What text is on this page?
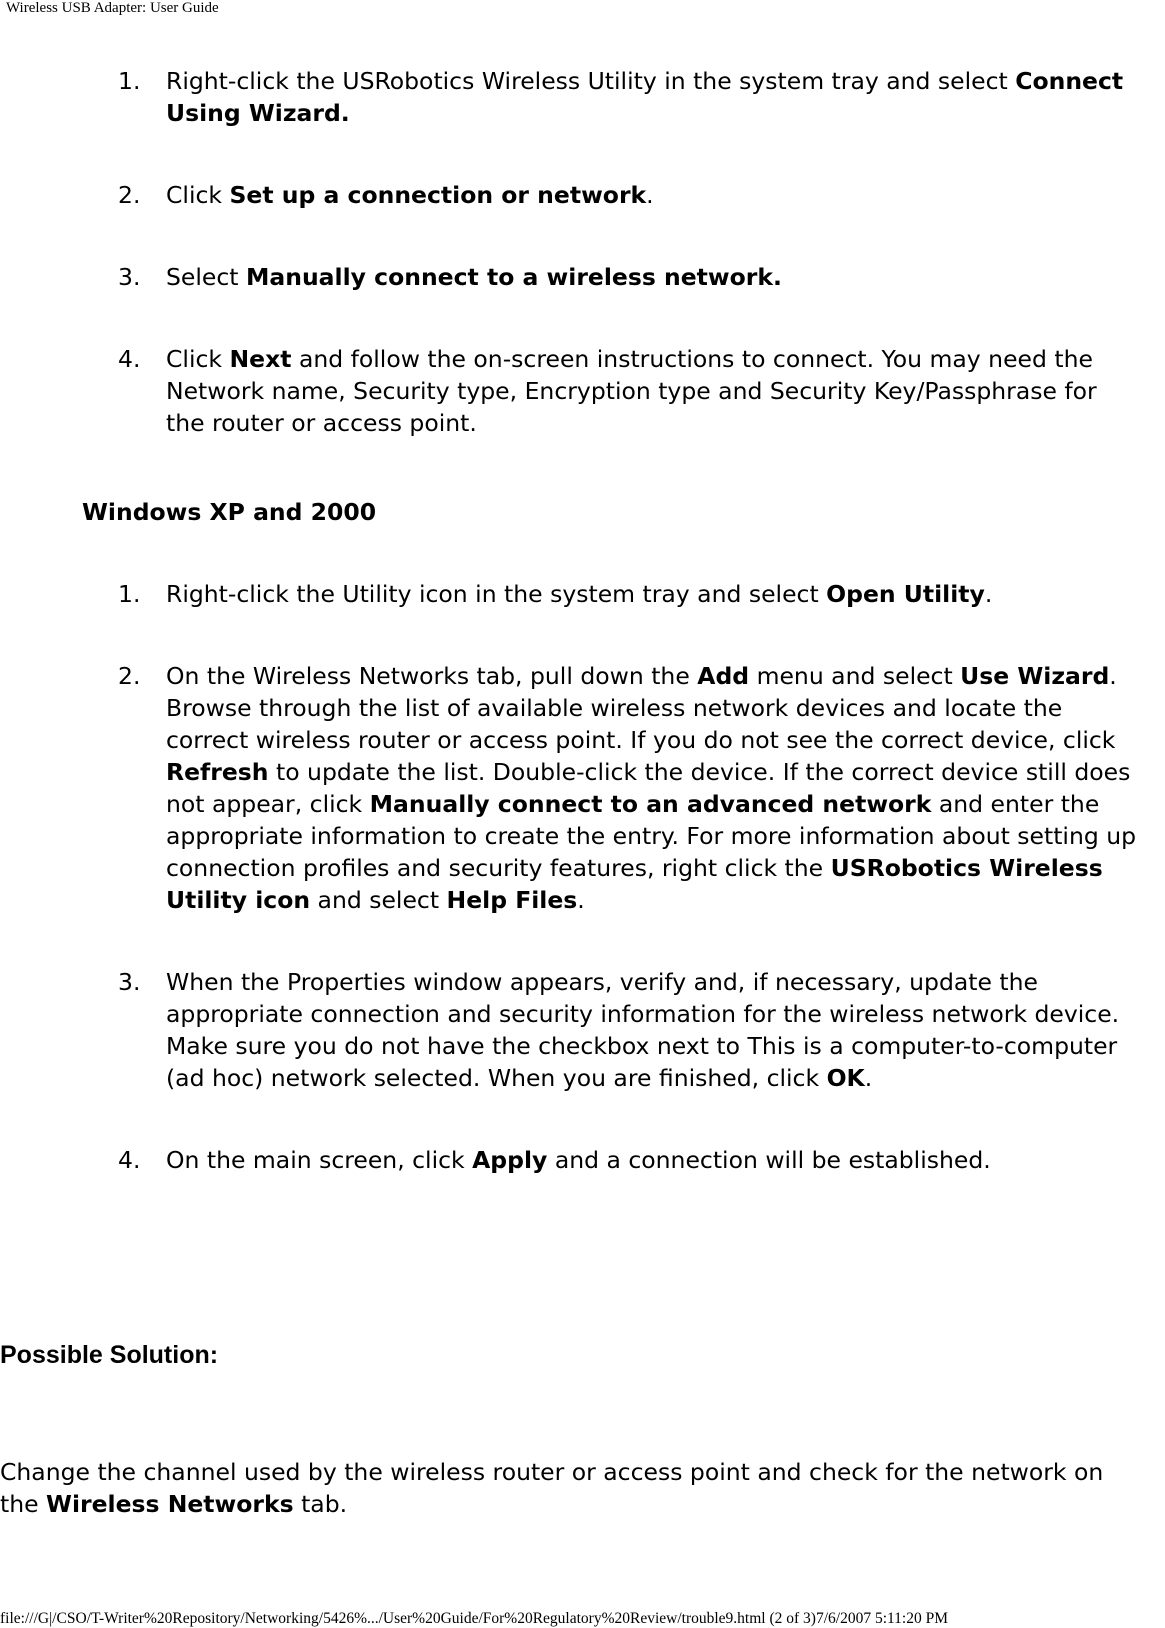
Wireless USB Adapter: User Guide
1. Right-click the USRobotics Wireless Utility in the system tray and select Connect Using Wizard.
2. Click Set up a connection or network.
3. Select Manually connect to a wireless network.
4. Click Next and follow the on-screen instructions to connect. You may need the Network name, Security type, Encryption type and Security Key/Passphrase for the router or access point.
Windows XP and 2000
1. Right-click the Utility icon in the system tray and select Open Utility.
2. On the Wireless Networks tab, pull down the Add menu and select Use Wizard. Browse through the list of available wireless network devices and locate the correct wireless router or access point. If you do not see the correct device, click Refresh to update the list. Double-click the device. If the correct device still does not appear, click Manually connect to an advanced network and enter the appropriate information to create the entry. For more information about setting up connection profiles and security features, right click the USRobotics Wireless Utility icon and select Help Files.
3. When the Properties window appears, verify and, if necessary, update the appropriate connection and security information for the wireless network device. Make sure you do not have the checkbox next to This is a computer-to-computer (ad hoc) network selected. When you are finished, click OK.
4. On the main screen, click Apply and a connection will be established.
Possible Solution:

Change the channel used by the wireless router or access point and check for the network on the Wireless Networks tab.

file:///G|/CSO/T-Writer%20Repository/Networking/5426%.../User%20Guide/For%20Regulatory%20Review/trouble9.html (2 of 3)7/6/2007 5:11:20 PM
